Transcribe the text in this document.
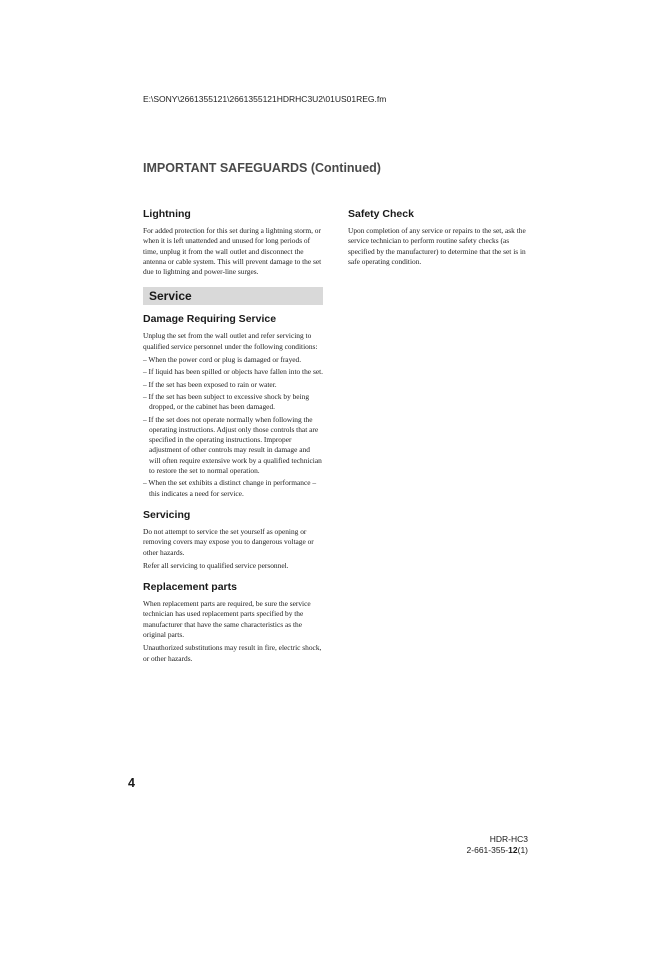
E:\SONY\2661355121\2661355121HDRHC3U2\01US01REG.fm
IMPORTANT SAFEGUARDS (Continued)
Lightning

For added protection for this set during a lightning storm, or when it is left unattended and unused for long periods of time, unplug it from the wall outlet and disconnect the antenna or cable system. This will prevent damage to the set due to lightning and power-line surges.

Service
Damage Requiring Service

Unplug the set from the wall outlet and refer servicing to qualified service personnel under the following conditions:

– When the power cord or plug is damaged or frayed.
– If liquid has been spilled or objects have fallen into the set.
– If the set has been exposed to rain or water.
– If the set has been subject to excessive shock by being dropped, or the cabinet has been damaged.
– If the set does not operate normally when following the operating instructions. Adjust only those controls that are specified in the operating instructions. Improper adjustment of other controls may result in damage and will often require extensive work by a qualified technician to restore the set to normal operation.
– When the set exhibits a distinct change in performance – this indicates a need for service.
Servicing

Do not attempt to service the set yourself as opening or removing covers may expose you to dangerous voltage or other hazards.

Refer all servicing to qualified service personnel.

Replacement parts

When replacement parts are required, be sure the service technician has used replacement parts specified by the manufacturer that have the same characteristics as the original parts.

Unauthorized substitutions may result in fire, electric shock, or other hazards.

Safety Check

Upon completion of any service or repairs to the set, ask the service technician to perform routine safety checks (as specified by the manufacturer) to determine that the set is in safe operating condition.

4
HDR-HC3
2-661-355-12(1)
